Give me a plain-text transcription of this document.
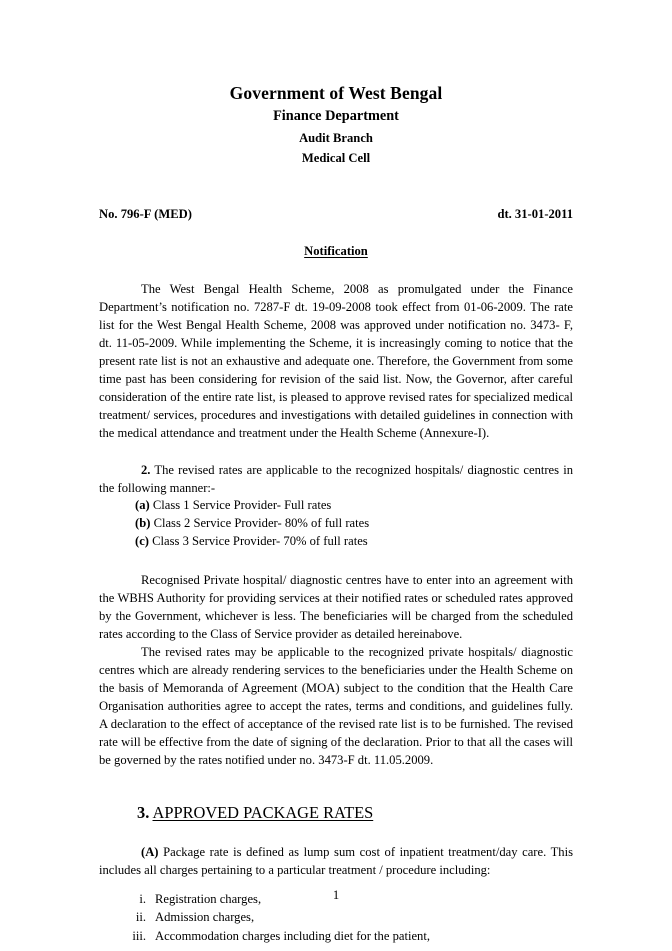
Government of West Bengal
Finance Department
Audit Branch
Medical Cell
No. 796-F (MED)	dt. 31-01-2011
Notification

The West Bengal Health Scheme, 2008 as promulgated under the Finance Department’s notification no. 7287-F dt. 19-09-2008 took effect from 01-06-2009. The rate list for the West Bengal Health Scheme, 2008 was approved under notification no. 3473- F, dt. 11-05-2009. While implementing the Scheme, it is increasingly coming to notice that the present rate list is not an exhaustive and adequate one. Therefore, the Government from some time past has been considering for revision of the said list. Now, the Governor, after careful consideration of the entire rate list, is pleased to approve revised rates for specialized medical treatment/ services, procedures and investigations with detailed guidelines in connection with the medical attendance and treatment under the Health Scheme (Annexure-I).

2. The revised rates are applicable to the recognized hospitals/ diagnostic centres in the following manner:-

(a) Class 1 Service Provider- Full rates
(b) Class 2 Service Provider- 80% of full rates
(c) Class 3 Service Provider- 70% of full rates

Recognised Private hospital/ diagnostic centres have to enter into an agreement with the WBHS Authority for providing services at their notified rates or scheduled rates approved by the Government, whichever is less. The beneficiaries will be charged from the scheduled rates according to the Class of Service provider as detailed hereinabove.

The revised rates may be applicable to the recognized private hospitals/ diagnostic centres which are already rendering services to the beneficiaries under the Health Scheme on the basis of Memoranda of Agreement (MOA) subject to the condition that the Health Care Organisation authorities agree to accept the rates, terms and conditions, and guidelines fully. A declaration to the effect of acceptance of the revised rate list is to be furnished. The revised rate will be effective from the date of signing of the declaration. Prior to that all the cases will be governed by the rates notified under no. 3473-F dt. 11.05.2009.

3. APPROVED PACKAGE RATES

(A) Package rate is defined as lump sum cost of inpatient treatment/day care. This includes all charges pertaining to a particular treatment / procedure including:

i. Registration charges,
ii. Admission charges,
iii. Accommodation charges including diet for the patient,
1
